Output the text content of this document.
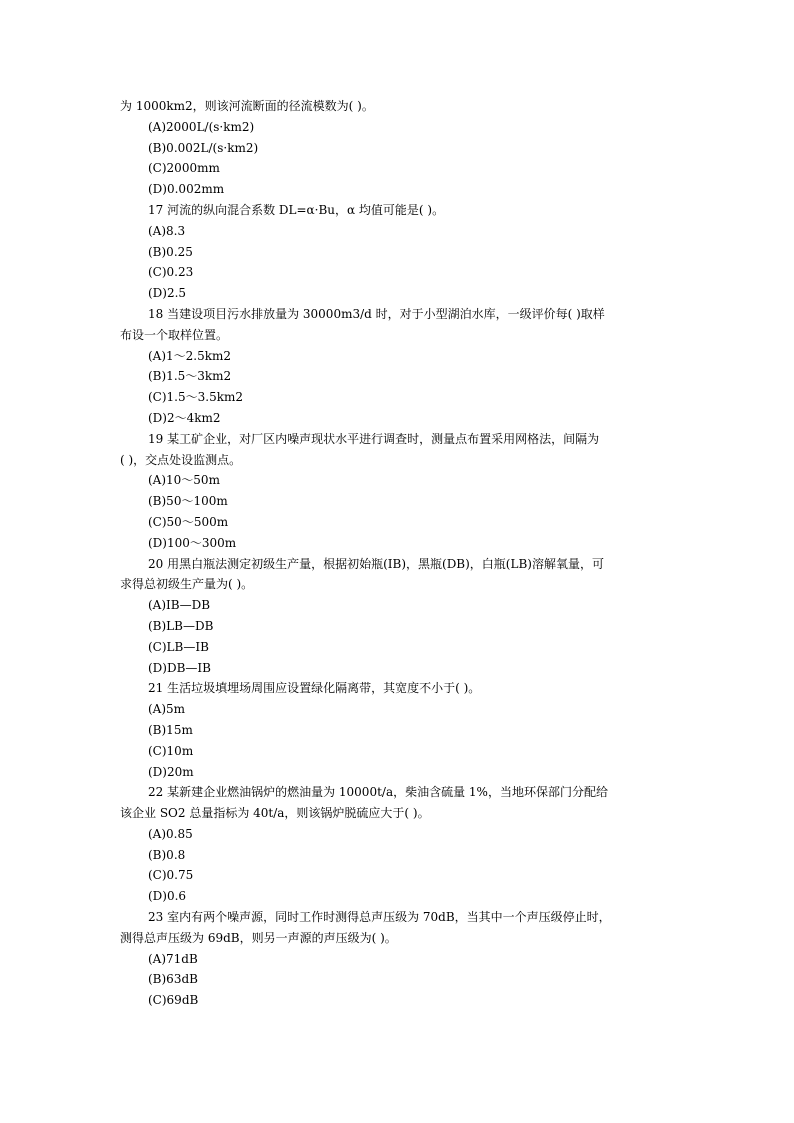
为 1000km2，则该河流断面的径流模数为( )。
(A)2000L/(s·km2)
(B)0.002L/(s·km2)
(C)2000mm
(D)0.002mm
17 河流的纵向混合系数 DL=α·Bu，α 均值可能是( )。
(A)8.3
(B)0.25
(C)0.23
(D)2.5
18 当建设项目污水排放量为 30000m3/d 时，对于小型湖泊水库，一级评价每( )取样
布设一个取样位置。
(A)1～2.5km2
(B)1.5～3km2
(C)1.5～3.5km2
(D)2～4km2
19 某工矿企业，对厂区内噪声现状水平进行调查时，测量点布置采用网格法，间隔为
( )，交点处设监测点。
(A)10～50m
(B)50～100m
(C)50～500m
(D)100～300m
20 用黑白瓶法测定初级生产量，根据初始瓶(IB)，黑瓶(DB)，白瓶(LB)溶解氧量，可
求得总初级生产量为( )。
(A)IB—DB
(B)LB—DB
(C)LB—IB
(D)DB—IB
21 生活垃圾填埋场周围应设置绿化隔离带，其宽度不小于( )。
(A)5m
(B)15m
(C)10m
(D)20m
22 某新建企业燃油锅炉的燃油量为 10000t/a，柴油含硫量 1%，当地环保部门分配给
该企业 SO2 总量指标为 40t/a，则该锅炉脱硫应大于( )。
(A)0.85
(B)0.8
(C)0.75
(D)0.6
23 室内有两个噪声源，同时工作时测得总声压级为 70dB，当其中一个声压级停止时，
测得总声压级为 69dB，则另一声源的声压级为( )。
(A)71dB
(B)63dB
(C)69dB
